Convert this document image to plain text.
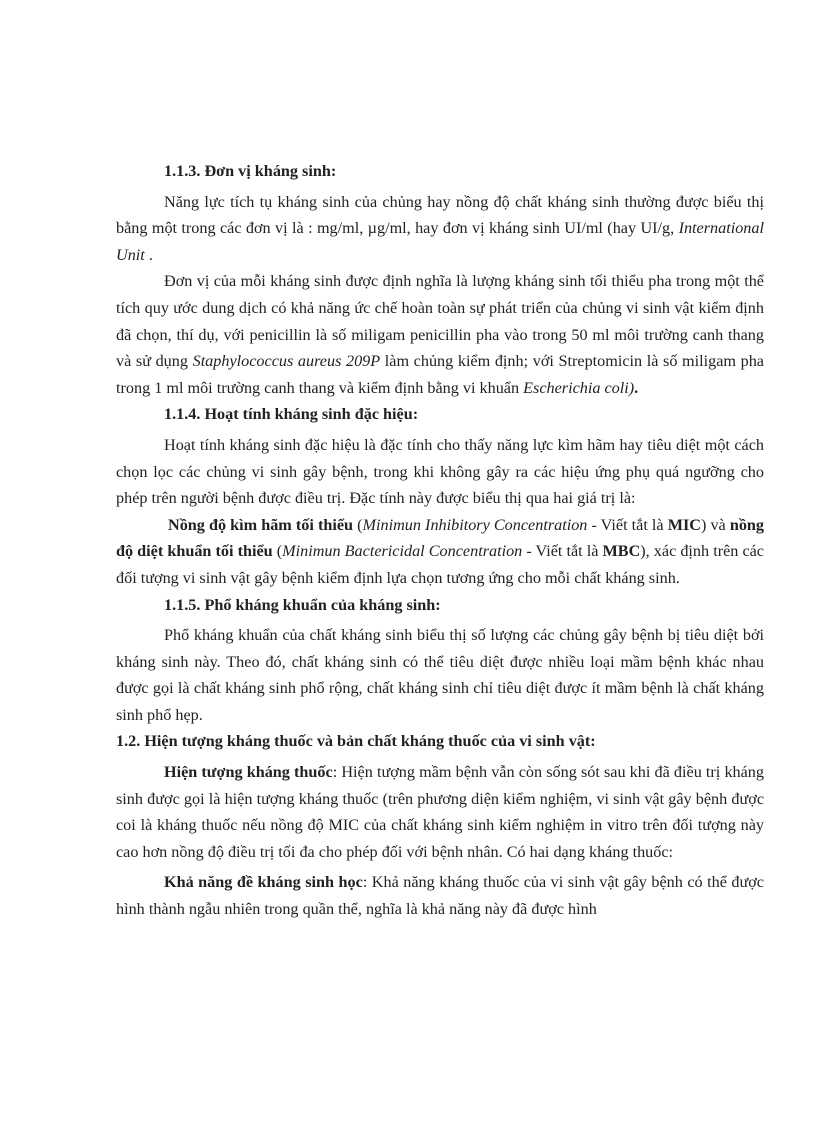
1.1.3. Đơn vị kháng sinh:

Năng lực tích tụ kháng sinh của chủng hay nồng độ chất kháng sinh thường được biểu thị bằng một trong các đơn vị là : mg/ml, µg/ml, hay đơn vị kháng sinh UI/ml (hay UI/g, International Unit .

Đơn vị của mỗi kháng sinh được định nghĩa là lượng kháng sinh tối thiểu pha trong một thể tích quy ước dung dịch có khả năng ức chế hoàn toàn sự phát triển của chủng vi sinh vật kiểm định đã chọn, thí dụ, với penicillin là số miligam penicillin pha vào trong 50 ml môi trường canh thang và sử dụng Staphylococcus aureus 209P làm chủng kiểm định; với Streptomicin là số miligam pha trong 1 ml môi trường canh thang và kiểm định bằng vi khuẩn Escherichia coli).

1.1.4. Hoạt tính kháng sinh đặc hiệu:

Hoạt tính kháng sinh đặc hiệu là đặc tính cho thấy năng lực kìm hãm hay tiêu diệt một cách chọn lọc các chủng vi sinh gây bệnh, trong khi không gây ra các hiệu ứng phụ quá ngưỡng cho phép trên người bệnh được điều trị. Đặc tính này được biểu thị qua hai giá trị là:

Nồng độ kìm hãm tối thiểu (Minimun Inhibitory Concentration - Viết tắt là MIC) và nồng độ diệt khuẩn tối thiểu (Minimun Bactericidal Concentration - Viết tắt là MBC), xác định trên các đối tượng vi sinh vật gây bệnh kiểm định lựa chọn tương ứng cho mỗi chất kháng sinh.

1.1.5. Phổ kháng khuẩn của kháng sinh:

Phổ kháng khuẩn của chất kháng sinh biểu thị số lượng các chủng gây bệnh bị tiêu diệt bởi kháng sinh này. Theo đó, chất kháng sinh có thể tiêu diệt được nhiều loại mầm bệnh khác nhau được gọi là chất kháng sinh phổ rộng, chất kháng sinh chỉ tiêu diệt được ít mầm bệnh là chất kháng sinh phổ hẹp.

1.2. Hiện tượng kháng thuốc và bản chất kháng thuốc của vi sinh vật:

Hiện tượng kháng thuốc: Hiện tượng mầm bệnh vẫn còn sống sót sau khi đã điều trị kháng sinh được gọi là hiện tượng kháng thuốc (trên phương diện kiểm nghiệm, vi sinh vật gây bệnh được coi là kháng thuốc nếu nồng độ MIC của chất kháng sinh kiểm nghiệm in vitro trên đối tượng này cao hơn nồng độ điều trị tối đa cho phép đối với bệnh nhân. Có hai dạng kháng thuốc:

Khả năng đề kháng sinh học: Khả năng kháng thuốc của vi sinh vật gây bệnh có thể được hình thành ngẫu nhiên trong quần thể, nghĩa là khả năng này đã được hình
